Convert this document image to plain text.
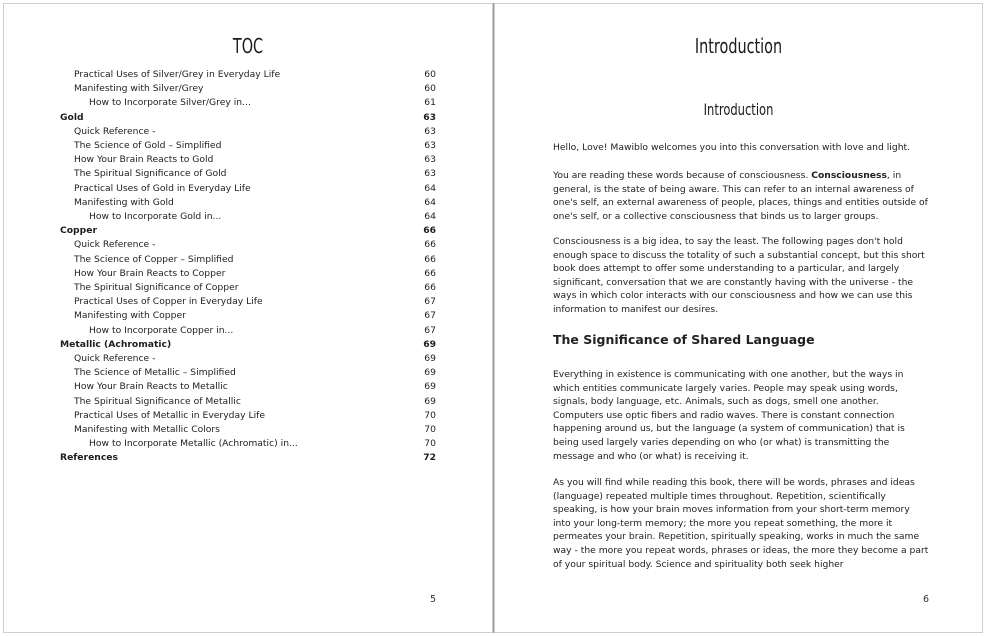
TOC
Practical Uses of Silver/Grey in Everyday Life	60
Manifesting with Silver/Grey	60
How to Incorporate Silver/Grey in...	61
Gold	63
Quick Reference -	63
The Science of Gold – Simplified	63
How Your Brain Reacts to Gold	63
The Spiritual Significance of Gold	63
Practical Uses of Gold in Everyday Life	64
Manifesting with Gold	64
How to Incorporate Gold in...	64
Copper	66
Quick Reference -	66
The Science of Copper – Simplified	66
How Your Brain Reacts to Copper	66
The Spiritual Significance of Copper	66
Practical Uses of Copper in Everyday Life	67
Manifesting with Copper	67
How to Incorporate Copper in...	67
Metallic (Achromatic)	69
Quick Reference -	69
The Science of Metallic – Simplified	69
How Your Brain Reacts to Metallic	69
The Spiritual Significance of Metallic	69
Practical Uses of Metallic in Everyday Life	70
Manifesting with Metallic Colors	70
How to Incorporate Metallic (Achromatic) in...	70
References	72
5
Introduction
Introduction

Hello, Love! Mawiblo welcomes you into this conversation with love and light.

You are reading these words because of consciousness. Consciousness, in general, is the state of being aware. This can refer to an internal awareness of one's self, an external awareness of people, places, things and entities outside of one's self, or a collective consciousness that binds us to larger groups.

Consciousness is a big idea, to say the least. The following pages don't hold enough space to discuss the totality of such a substantial concept, but this short book does attempt to offer some understanding to a particular, and largely significant, conversation that we are constantly having with the universe - the ways in which color interacts with our consciousness and how we can use this information to manifest our desires.

The Significance of Shared Language

Everything in existence is communicating with one another, but the ways in which entities communicate largely varies. People may speak using words, signals, body language, etc. Animals, such as dogs, smell one another. Computers use optic fibers and radio waves. There is constant connection happening around us, but the language (a system of communication) that is being used largely varies depending on who (or what) is transmitting the message and who (or what) is receiving it.

As you will find while reading this book, there will be words, phrases and ideas (language) repeated multiple times throughout. Repetition, scientifically speaking, is how your brain moves information from your short-term memory into your long-term memory; the more you repeat something, the more it permeates your brain. Repetition, spiritually speaking, works in much the same way - the more you repeat words, phrases or ideas, the more they become a part of your spiritual body. Science and spirituality both seek higher

6
